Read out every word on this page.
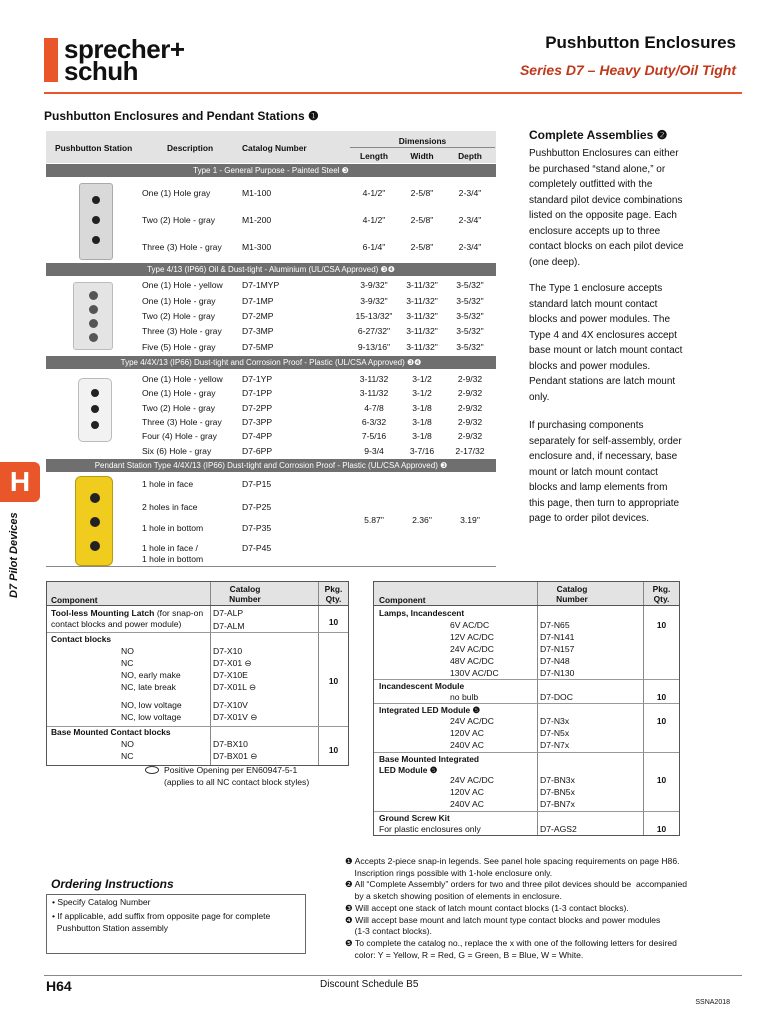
sprecher+
schuh
Pushbutton Enclosures
Series D7 – Heavy Duty/Oil Tight
Pushbutton Enclosures and Pendant Stations ❶
H
D7 Pilot Devices
Pushbutton Station	Description	Catalog Number
Dimensions
Length	Width	Depth
Type 1 - General Purpose - Painted Steel ❸
One (1) Hole gray	M1-100	4-1/2"	2-5/8"	2-3/4"
Two (2) Hole - gray	M1-200	4-1/2"	2-5/8"	2-3/4"
Three (3) Hole - gray M1-300	6-1/4"	2-5/8"	2-3/4"
Type 4/13 (IP66) Oil & Dust-tight - Aluminium (UL/CSA Approved) ❸❹
One (1) Hole - yellow D7-1MYP	3-9/32"	3-11/32"	3-5/32"
One (1) Hole - gray	D7-1MP	3-9/32"	3-11/32"	3-5/32"
Two (2) Hole - gray	D7-2MP	15-13/32"	3-11/32"	3-5/32"
Three (3) Hole - gray D7-3MP	6-27/32"	3-11/32"	3-5/32"
Five (5) Hole - gray	D7-5MP	9-13/16"	3-11/32"	3-5/32"
Type 4/4X/13 (IP66) Dust-tight and Corrosion Proof - Plastic (UL/CSA Approved) ❸❹
One (1) Hole - yellow D7-1YP	3-11/32	3-1/2	2-9/32
One (1) Hole - gray	D7-1PP	3-11/32	3-1/2	2-9/32
Two (2) Hole - gray	D7-2PP	4-7/8	3-1/8	2-9/32
Three (3) Hole - gray D7-3PP	6-3/32	3-1/8	2-9/32
Four (4) Hole - gray	D7-4PP	7-5/16	3-1/8	2-9/32
Six (6) Hole - gray	D7-6PP	9-3/4	3-7/16	2-17/32
Pendant Station Type 4/4X/13 (IP66) Dust-tight and Corrosion Proof - Plastic (UL/CSA Approved) ❸
1 hole in face	D7-P15
2 holes in face	D7-P25
1 hole in bottom	D7-P35
1 hole in face /	D7-P45
1 hole in bottom
5.87"	2.36"	3.19"
Complete Assemblies ❷
Pushbutton Enclosures can either
be purchased “stand alone,” or
completely outfitted with the
standard pilot device combinations
listed on the opposite page. Each
enclosure accepts up to three
contact blocks on each pilot device
(one deep).
The Type 1 enclosure accepts
standard latch mount contact
blocks and power modules. The
Type 4 and 4X enclosures accept
base mount or latch mount contact
blocks and power modules.
Pendant stations are latch mount
only.
If purchasing components
separately for self-assembly, order
enclosure and, if necessary, base
mount or latch mount contact
blocks and lamp elements from
this page, then turn to appropriate
page to order pilot devices.
Component
Catalog
Number
Pkg.
Qty.
Tool-less Mounting Latch (for snap-on
contact blocks and power module)
D7-ALP
D7-ALM	10
Contact blocks
NO	D7-X10
NC	D7-X01 ⊖
NO, early make	D7-X10E
NC, late break	D7-X01L ⊖
NO, low voltage	D7-X10V
NC, low voltage	D7-X01V ⊖
10
Base Mounted Contact blocks
NO	D7-BX10
NC	D7-BX01 ⊖
10
Positive Opening per EN60947-5-1
(applies to all NC contact block styles)
Component
Catalog
Number
Pkg.
Qty.
Lamps, Incandescent
6V AC/DC	D7-N65
12V AC/DC	D7-N141
24V AC/DC	D7-N157
48V AC/DC	D7-N48
130V AC/DC	D7-N130
10
Incandescent Module
no bulb	D7-DOC	10
Integrated LED Module ❺
24V AC/DC	D7-N3x
120V AC	D7-N5x
240V AC	D7-N7x
10
Base Mounted Integrated
LED Module ❺
24V AC/DC	D7-BN3x
120V AC	D7-BN5x
240V AC	D7-BN7x
10
Ground Screw Kit
For plastic enclosures only	D7-AGS2	10
Ordering Instructions
• Specify Catalog Number
• If applicable, add suffix from opposite page for complete
Pushbutton Station assembly
❶ Accepts 2-piece snap-in legends. See panel hole spacing requirements on page H86.
Inscription rings possible with 1-hole enclosure only.
❷ All “Complete Assembly” orders for two and three pilot devices should be  accompanied
by a sketch showing position of elements in enclosure.
❸ Will accept one stack of latch mount contact blocks (1-3 contact blocks).
❹ Will accept base mount and latch mount type contact blocks and power modules
(1-3 contact blocks).
❺ To complete the catalog no., replace the x with one of the following letters for desired
color: Y = Yellow, R = Red, G = Green, B = Blue, W = White.
H64	Discount Schedule B5
SSNA2018
